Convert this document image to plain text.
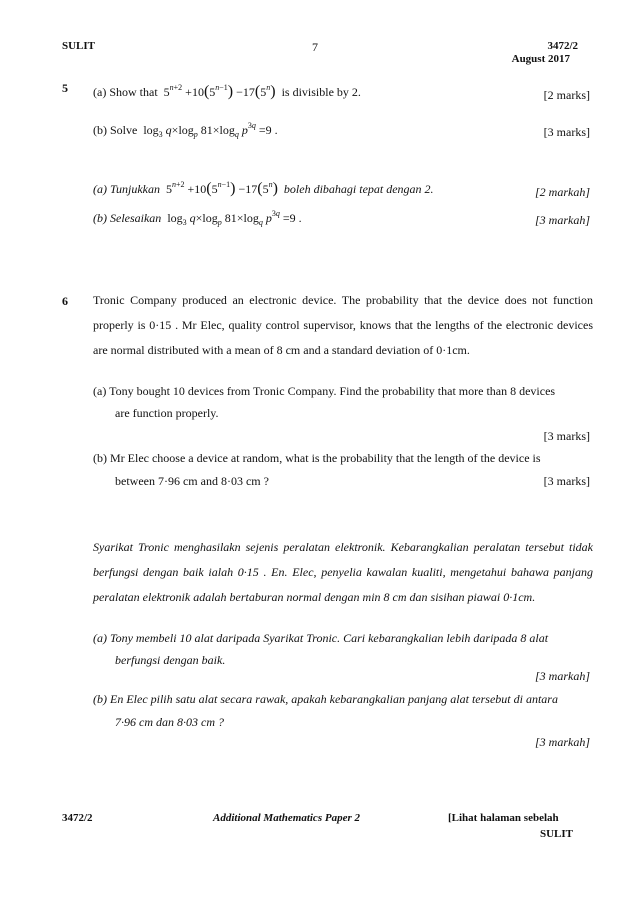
SULIT	7	3472/2
August 2017
5 (a) Show that  $5^{n+2} +10(5^{n-1}) -17(5^n)$ is divisible by 2.	[2 marks]
(b) Solve  $\log_3 q\times\log_p$ $81\times\log_q$ $p^{3q} =9$ .	[3 marks]
(a) Tunjukkan  $5^{n+2} +10(5^{n-1}) -17(5^n)$ boleh dibahagi tepat dengan 2.	[2 markah]
(b) Selesaikan  $\log_3 q\times\log_p$ $81\times\log_q$ $p^{3q} =9$ .	[3 markah]
6 Tronic Company produced an electronic device. The probability that the device does not function properly is 0·15 . Mr Elec, quality control supervisor, knows that the lengths of the electronic devices are normal distributed with a mean of 8 cm and a standard deviation of 0·1cm.
(a) Tony bought 10 devices from Tronic Company. Find the probability that more than 8 devices
are function properly.
[3 marks]
(b) Mr Elec choose a device at random, what is the probability that the length of the device is
between 7·96 cm and 8·03 cm ?	[3 marks]
Syarikat Tronic menghasilakn sejenis peralatan elektronik. Kebarangkalian peralatan tersebut tidak berfungsi dengan baik ialah 0·15 . En. Elec, penyelia kawalan kualiti, mengetahui bahawa panjang peralatan elektronik adalah bertaburan normal dengan min 8 cm dan sisihan piawai 0·1cm.
(a) Tony membeli 10 alat daripada Syarikat Tronic. Cari kebarangkalian lebih daripada 8 alat
berfungsi dengan baik.
[3 markah]
(b) En Elec pilih satu alat secara rawak, apakah kebarangkalian panjang alat tersebut di antara
7·96 cm dan 8·03 cm ?
[3 markah]
3472/2	Additional Mathematics Paper 2	[Lihat halaman sebelah
SULIT
